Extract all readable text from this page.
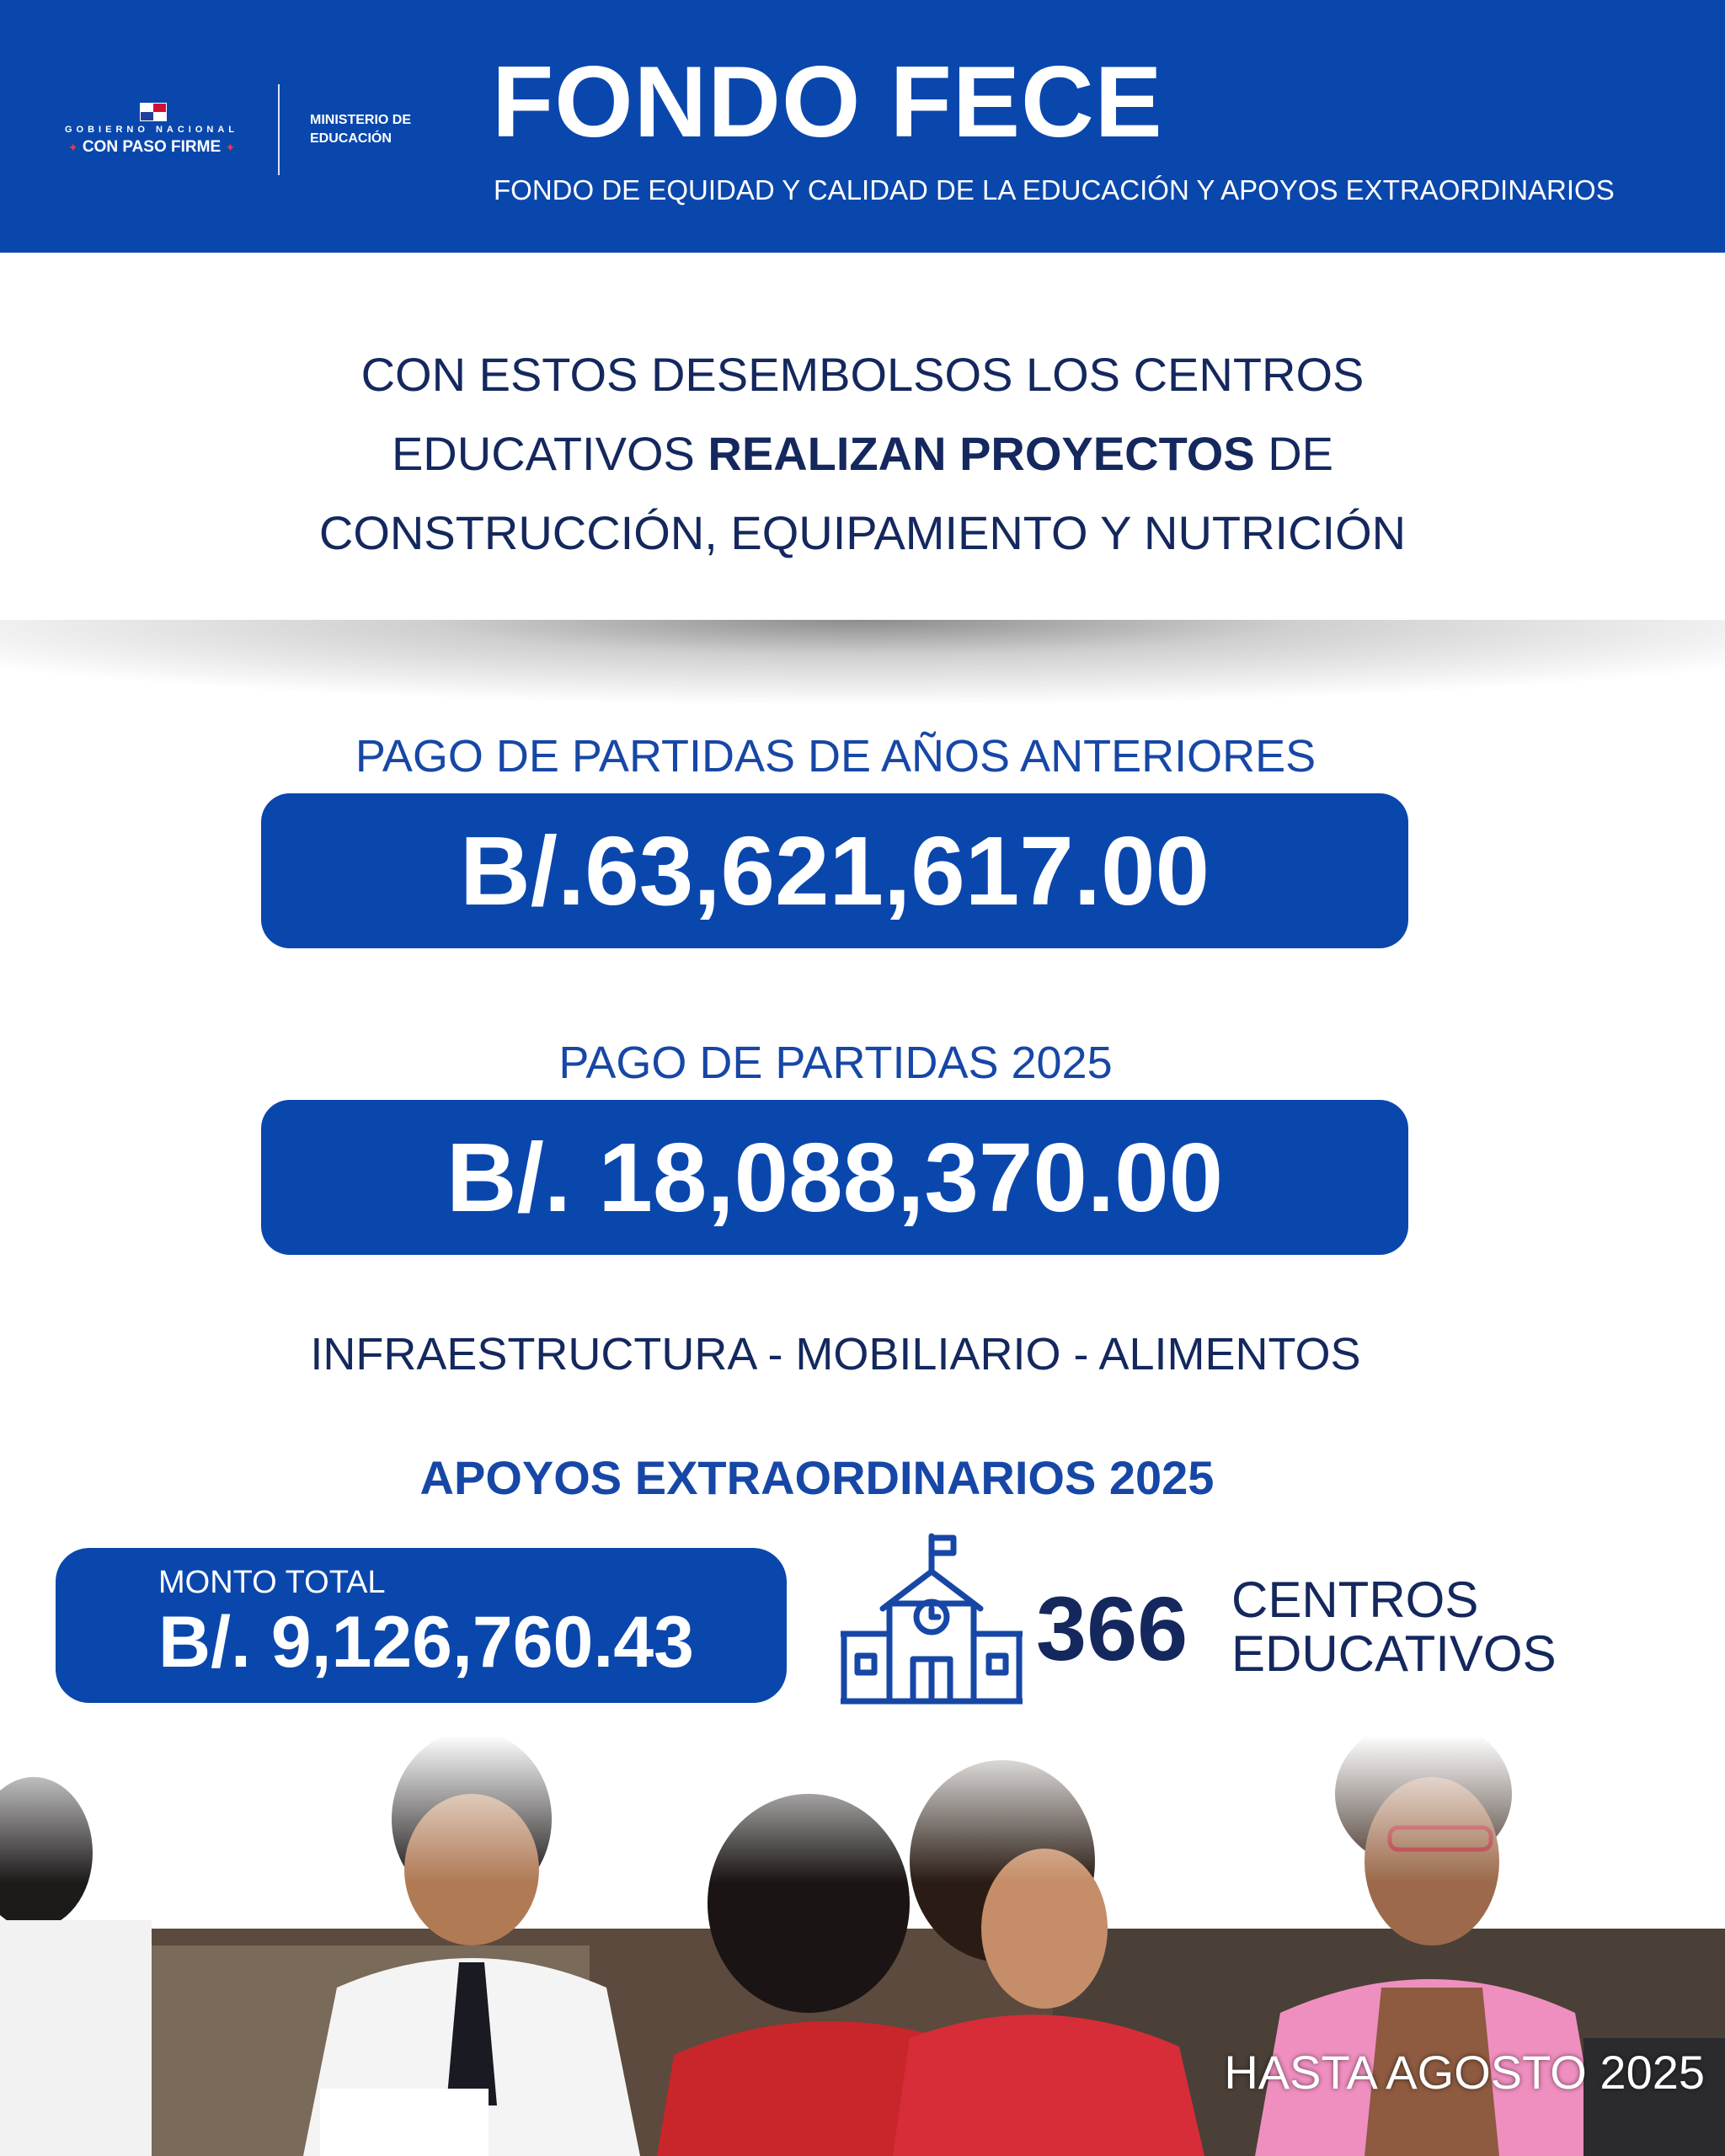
GOBIERNO NACIONAL
✦ CON PASO FIRME ✦
MINISTERIO DE
EDUCACIÓN FONDO FECE
FONDO DE EQUIDAD Y CALIDAD DE LA EDUCACIÓN Y APOYOS EXTRAORDINARIOS
CON ESTOS DESEMBOLSOS LOS CENTROS
EDUCATIVOS REALIZAN PROYECTOS DE
CONSTRUCCIÓN, EQUIPAMIENTO Y NUTRICIÓN
PAGO DE PARTIDAS DE AÑOS ANTERIORES
B/.63,621,617.00
PAGO DE PARTIDAS 2025
B/. 18,088,370.00
INFRAESTRUCTURA - MOBILIARIO - ALIMENTOS
APOYOS EXTRAORDINARIOS 2025
MONTO TOTAL
B/. 9,126,760.43	366 CENTROS
EDUCATIVOS
HASTA AGOSTO 2025
